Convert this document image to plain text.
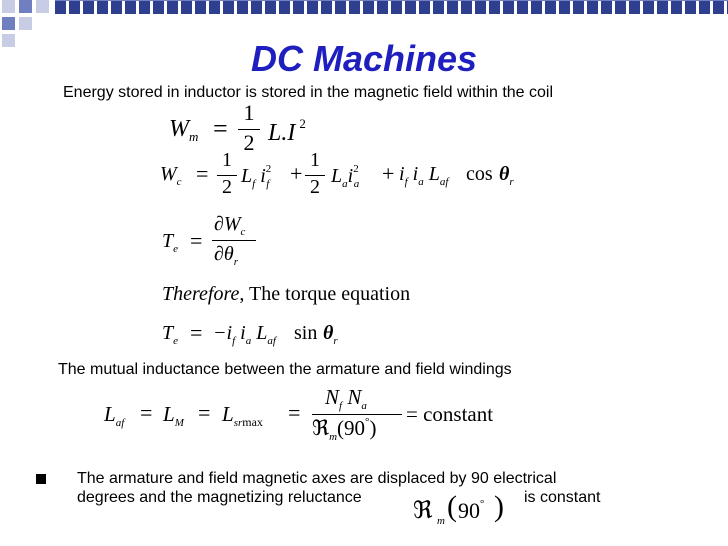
DC Machines
Energy stored in inductor is stored in the magnetic field within the coil
$W_m$ =
1
2 L.I $^2$
$W_c$ =
1
2 $L_f$ $i^2_f$ +
1
2 $L_ai^2_a + i_f$ $i_a$ $L_{af}$ $\cos \theta_r$
$T_e$ =
$\partial W_c$
$\partial\theta_r$
Therefore, The torque equation
$T_e = -i_f$ $i_a$ $L_{af}$ $\sin \theta_r$
The mutual inductance between the armature and field windings
$L_{af} = L_M = L_{srmax}$ =
$N_f$ $N_a$
ℜ$_m$(90°)
= constant
The armature and field magnetic axes are displaced by 90 electrical
degrees and the magnetizing reluctance	is constant
ℜ m ( 90° )
